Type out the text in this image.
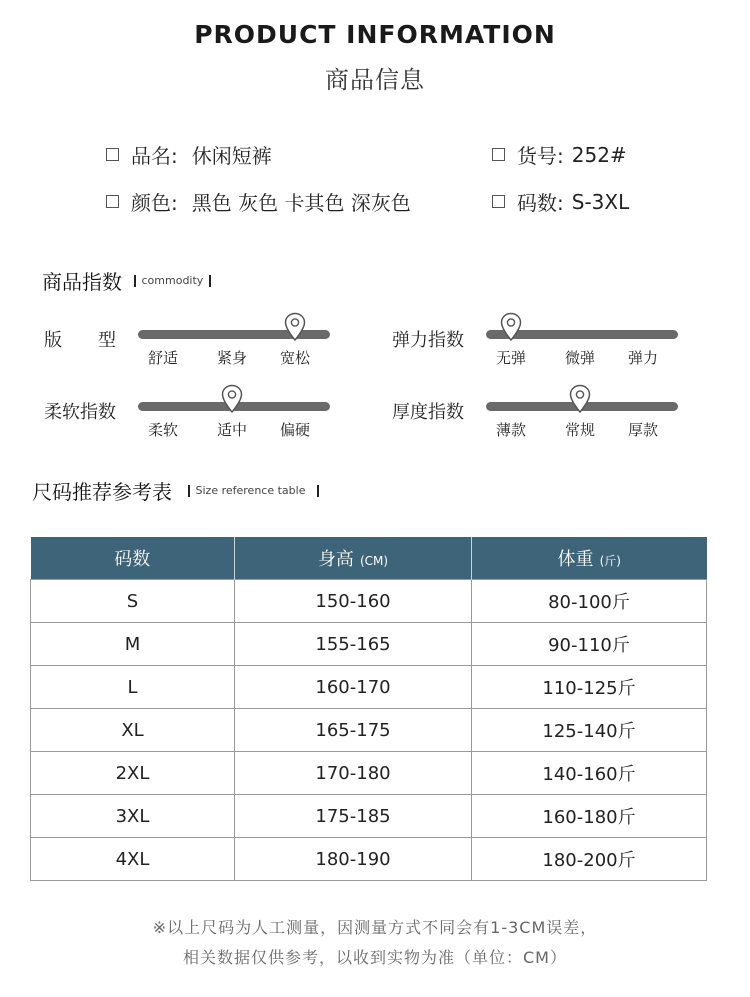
PRODUCT INFORMATION
商品信息
品名: 休闲短裤	货号: 252#
颜色: 黑色 灰色 卡其色 深灰色	码数: S-3XL
商品指数 commodity
版　　型
舒适	紧身	宽松
弹力指数
无弹	微弹	弹力
柔软指数
柔软	适中	偏硬
厚度指数
薄款	常规	厚款
尺码推荐参考表 Size reference table
码数	身高 (CM)	体重 (斤)
S	150-160	80-100斤
M	155-165	90-110斤
L	160-170	110-125斤
XL	165-175	125-140斤
2XL	170-180	140-160斤
3XL	175-185	160-180斤
4XL	180-190	180-200斤
※以上尺码为人工测量，因测量方式不同会有1-3CM误差，
相关数据仅供参考，以收到实物为准（单位：CM）
